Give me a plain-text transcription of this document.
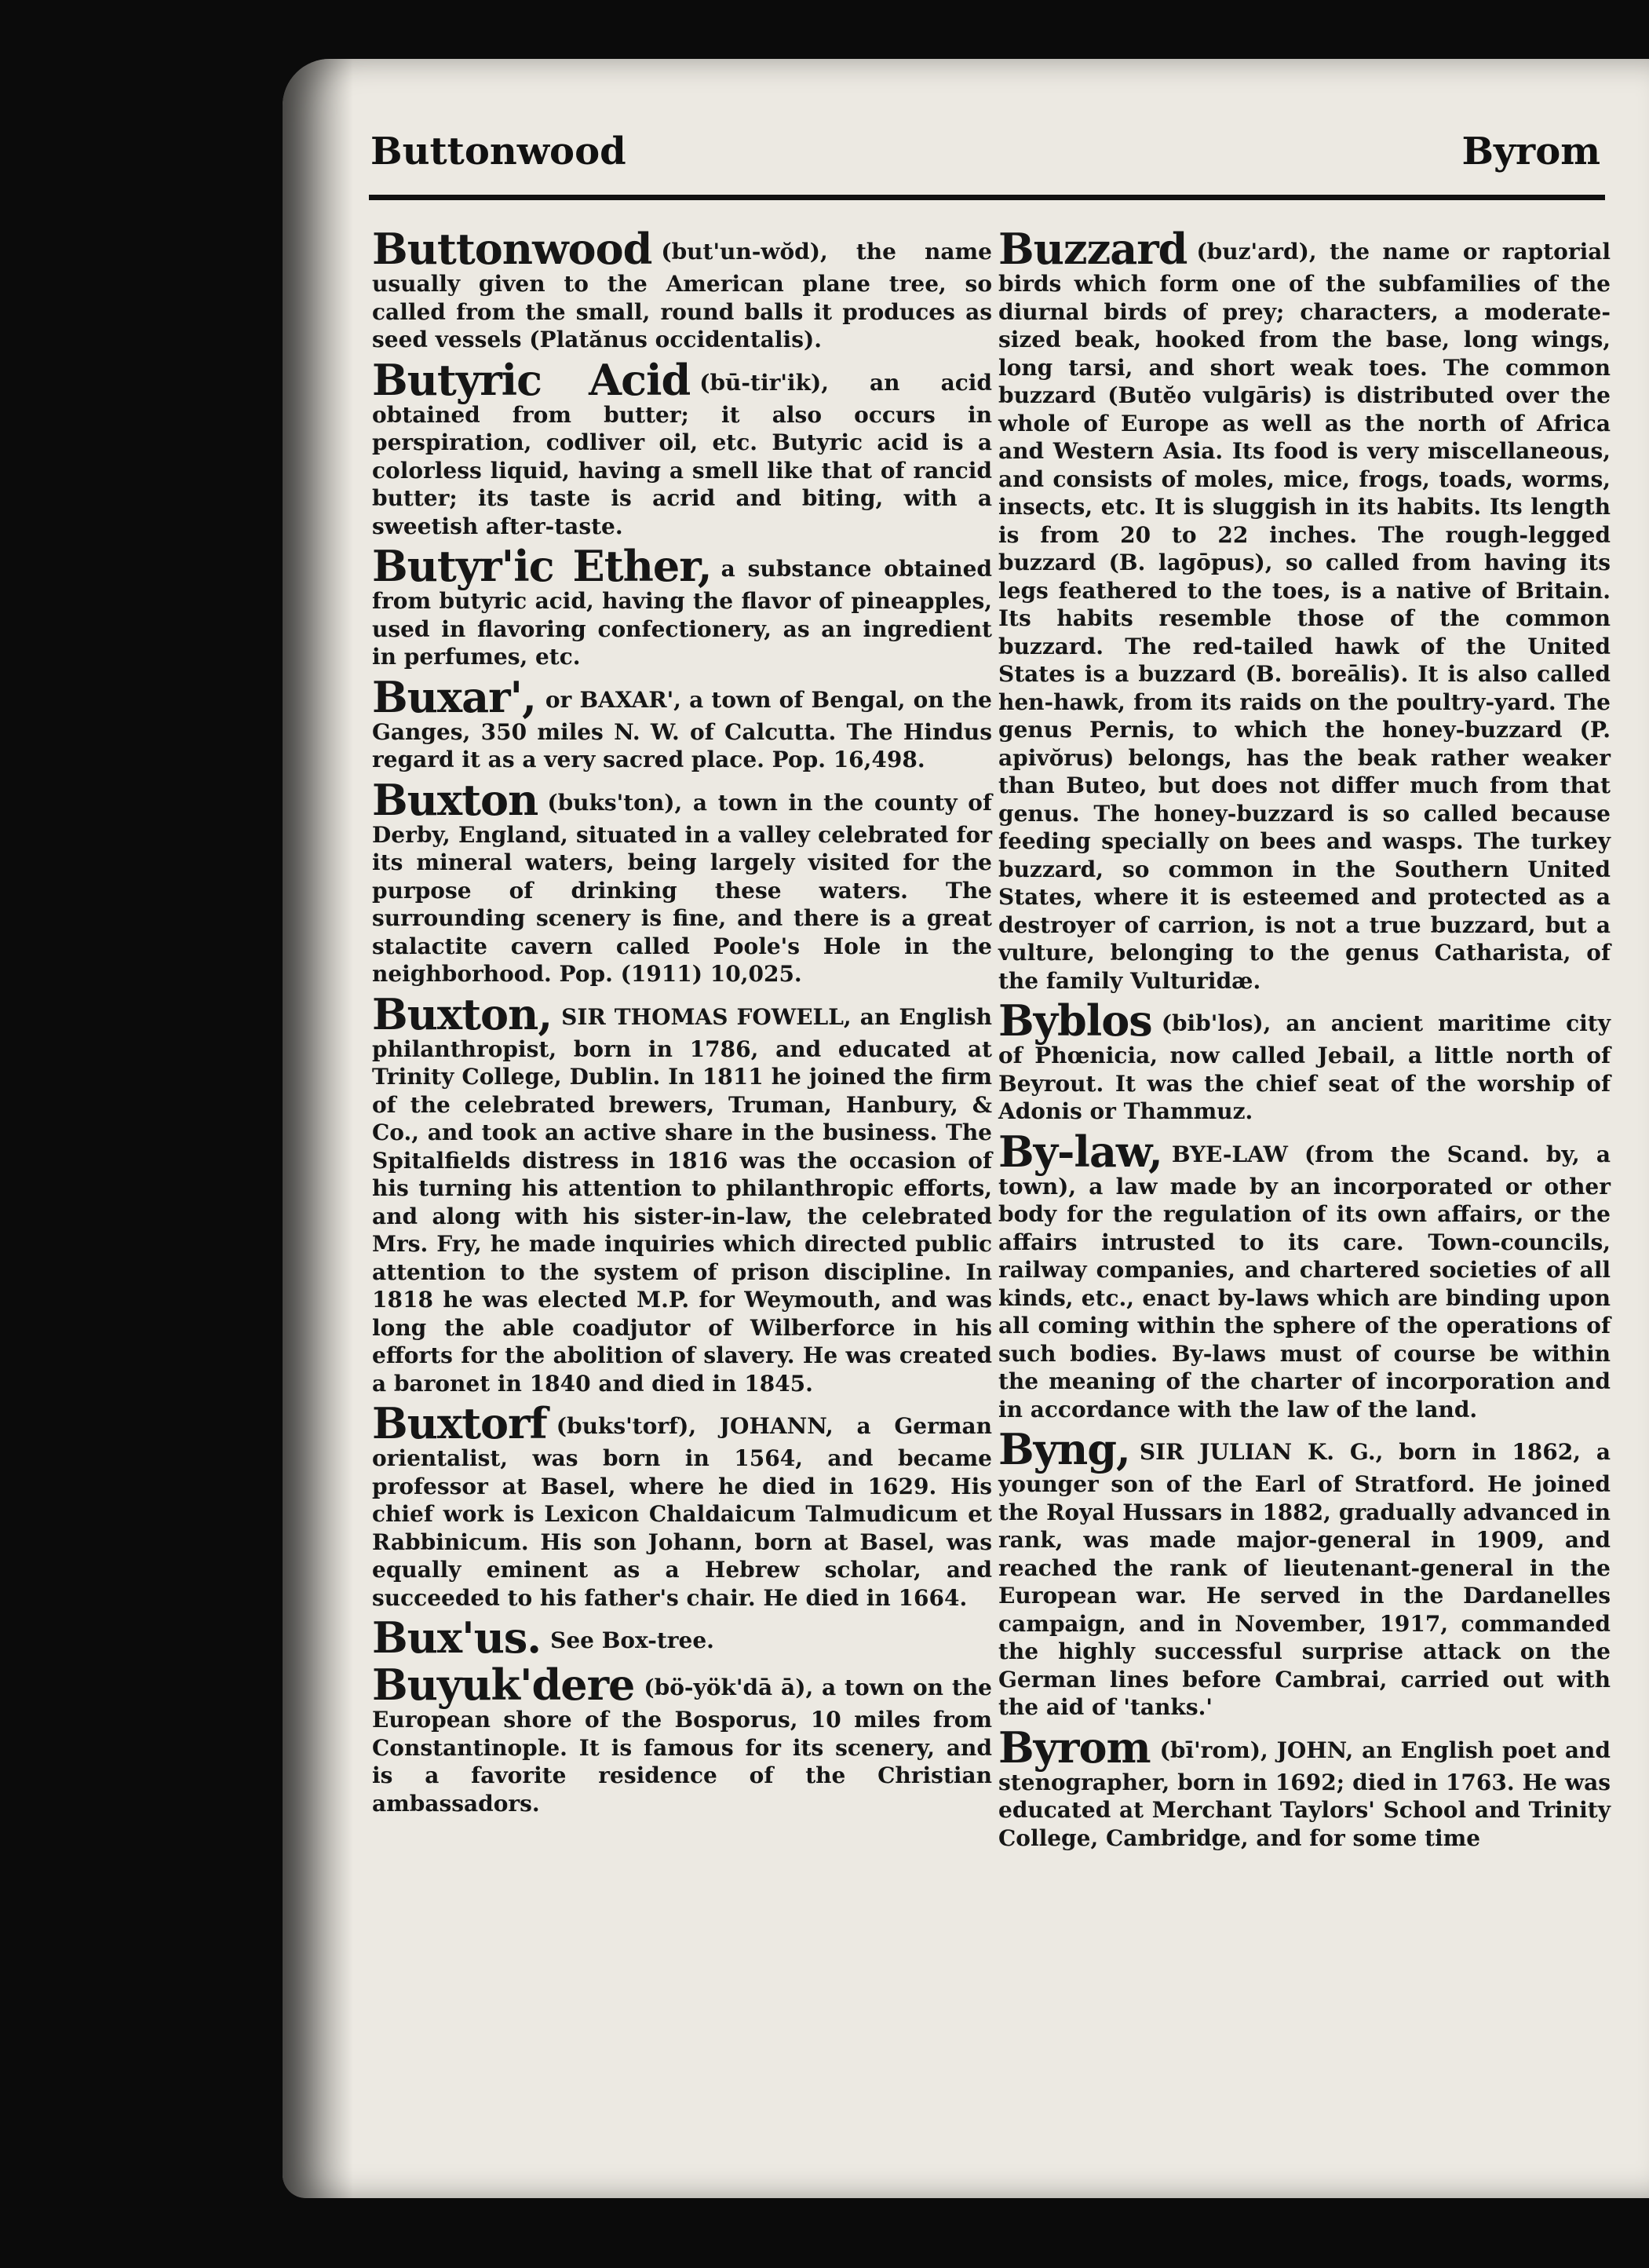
Buttonwood	Byrom

Buttonwood (but'un-wŏd), the name usually given to the American plane tree, so called from the small, round balls it produces as seed vessels (Platănus occidentalis).

Butyric Acid (bū-tir'ik), an acid obtained from butter; it also occurs in perspiration, codliver oil, etc. Butyric acid is a colorless liquid, having a smell like that of rancid butter; its taste is acrid and biting, with a sweetish after-taste.

Butyr'ic Ether, a substance obtained from butyric acid, having the flavor of pineapples, used in flavoring confectionery, as an ingredient in perfumes, etc.

Buxar', or BAXAR', a town of Bengal, on the Ganges, 350 miles N. W. of Calcutta. The Hindus regard it as a very sacred place. Pop. 16,498.

Buxton (buks'ton), a town in the county of Derby, England, situated in a valley celebrated for its mineral waters, being largely visited for the purpose of drinking these waters. The surrounding scenery is fine, and there is a great stalactite cavern called Poole's Hole in the neighborhood. Pop. (1911) 10,025.

Buxton, SIR THOMAS FOWELL, an English philanthropist, born in 1786, and educated at Trinity College, Dublin. In 1811 he joined the firm of the celebrated brewers, Truman, Hanbury, & Co., and took an active share in the business. The Spitalfields distress in 1816 was the occasion of his turning his attention to philanthropic efforts, and along with his sister-in-law, the celebrated Mrs. Fry, he made inquiries which directed public attention to the system of prison discipline. In 1818 he was elected M.P. for Weymouth, and was long the able coadjutor of Wilberforce in his efforts for the abolition of slavery. He was created a baronet in 1840 and died in 1845.

Buxtorf (buks'torf), JOHANN, a German orientalist, was born in 1564, and became professor at Basel, where he died in 1629. His chief work is Lexicon Chaldaicum Talmudicum et Rabbinicum. His son Johann, born at Basel, was equally eminent as a Hebrew scholar, and succeeded to his father's chair. He died in 1664.

Bux'us. See Box-tree.

Buyuk'dere (bö-yök'dā ā), a town on the European shore of the Bosporus, 10 miles from Constantinople. It is famous for its scenery, and is a favorite residence of the Christian ambassadors.

Buzzard (buz'ard), the name or raptorial birds which form one of the subfamilies of the diurnal birds of prey; characters, a moderate-sized beak, hooked from the base, long wings, long tarsi, and short weak toes. The common buzzard (Butĕo vulgāris) is distributed over the whole of Europe as well as the north of Africa and Western Asia. Its food is very miscellaneous, and consists of moles, mice, frogs, toads, worms, insects, etc. It is sluggish in its habits. Its length is from 20 to 22 inches. The rough-legged buzzard (B. lagōpus), so called from having its legs feathered to the toes, is a native of Britain. Its habits resemble those of the common buzzard. The red-tailed hawk of the United States is a buzzard (B. boreālis). It is also called hen-hawk, from its raids on the poultry-yard. The genus Pernis, to which the honey-buzzard (P. apivŏrus) belongs, has the beak rather weaker than Buteo, but does not differ much from that genus. The honey-buzzard is so called because feeding specially on bees and wasps. The turkey buzzard, so common in the Southern United States, where it is esteemed and protected as a destroyer of carrion, is not a true buzzard, but a vulture, belonging to the genus Catharista, of the family Vulturidæ.

Byblos (bib'los), an ancient maritime city of Phœnicia, now called Jebail, a little north of Beyrout. It was the chief seat of the worship of Adonis or Thammuz.

By-law, BYE-LAW (from the Scand. by, a town), a law made by an incorporated or other body for the regulation of its own affairs, or the affairs intrusted to its care. Town-councils, railway companies, and chartered societies of all kinds, etc., enact by-laws which are binding upon all coming within the sphere of the operations of such bodies. By-laws must of course be within the meaning of the charter of incorporation and in accordance with the law of the land.

Byng, SIR JULIAN K. G., born in 1862, a younger son of the Earl of Stratford. He joined the Royal Hussars in 1882, gradually advanced in rank, was made major-general in 1909, and reached the rank of lieutenant-general in the European war. He served in the Dardanelles campaign, and in November, 1917, commanded the highly successful surprise attack on the German lines before Cambrai, carried out with the aid of 'tanks.'

Byrom (bī'rom), JOHN, an English poet and stenographer, born in 1692; died in 1763. He was educated at Merchant Taylors' School and Trinity College, Cambridge, and for some time
